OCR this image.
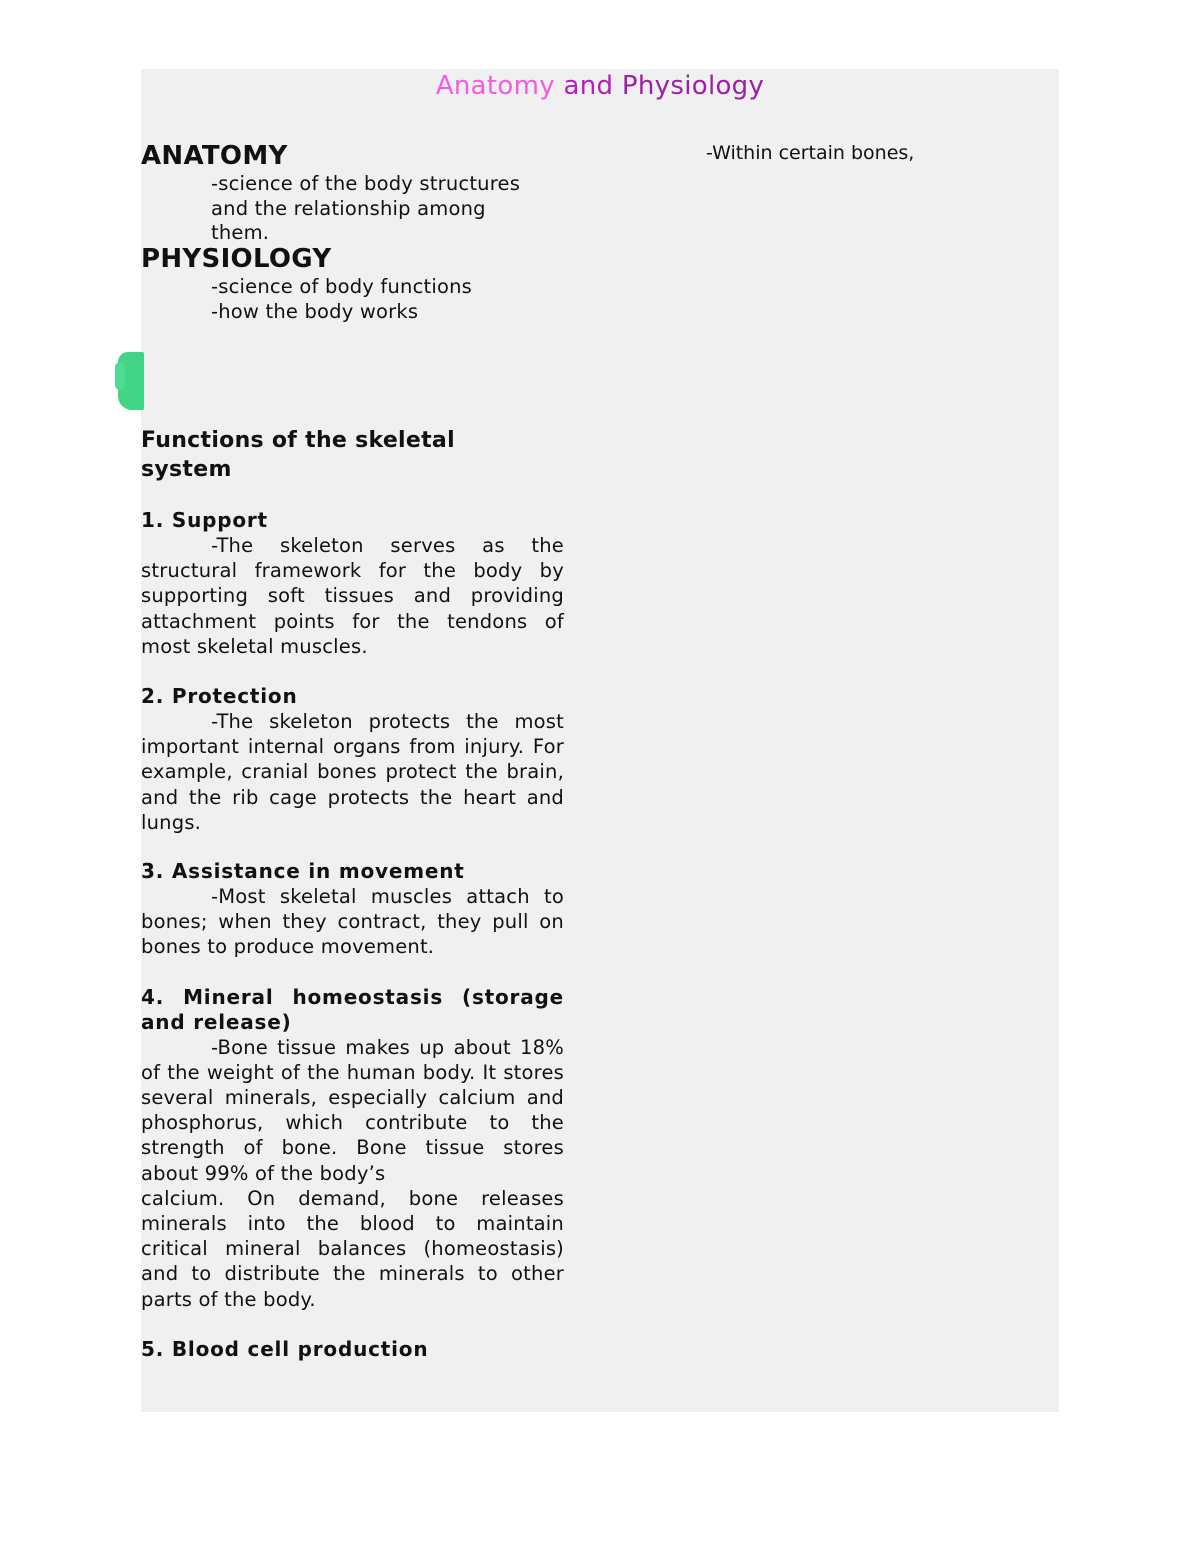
Anatomy and Physiology

ANATOMY

-science of the body structures

and the relationship among

them.

PHYSIOLOGY

-science of body functions

-how the body works

Functions of the skeletal

system

1. Support

-The skeleton serves as the structural framework for the body by supporting soft tissues and providing attachment points for the tendons of most skeletal muscles.

2. Protection

-The skeleton protects the most important internal organs from injury. For example, cranial bones protect the brain, and the rib cage protects the heart and lungs.

3. Assistance in movement

-Most skeletal muscles attach to bones; when they contract, they pull on bones to produce movement.

4. Mineral homeostasis (storage and release)

-Bone tissue makes up about 18% of the weight of the human body. It stores several minerals, especially calcium and phosphorus, which contribute to the strength of bone. Bone tissue stores about 99% of the body’s

calcium. On demand, bone releases minerals into the blood to maintain critical mineral balances (homeostasis) and to distribute the minerals to other parts of the body.

5. Blood cell production

-Within certain bones,
